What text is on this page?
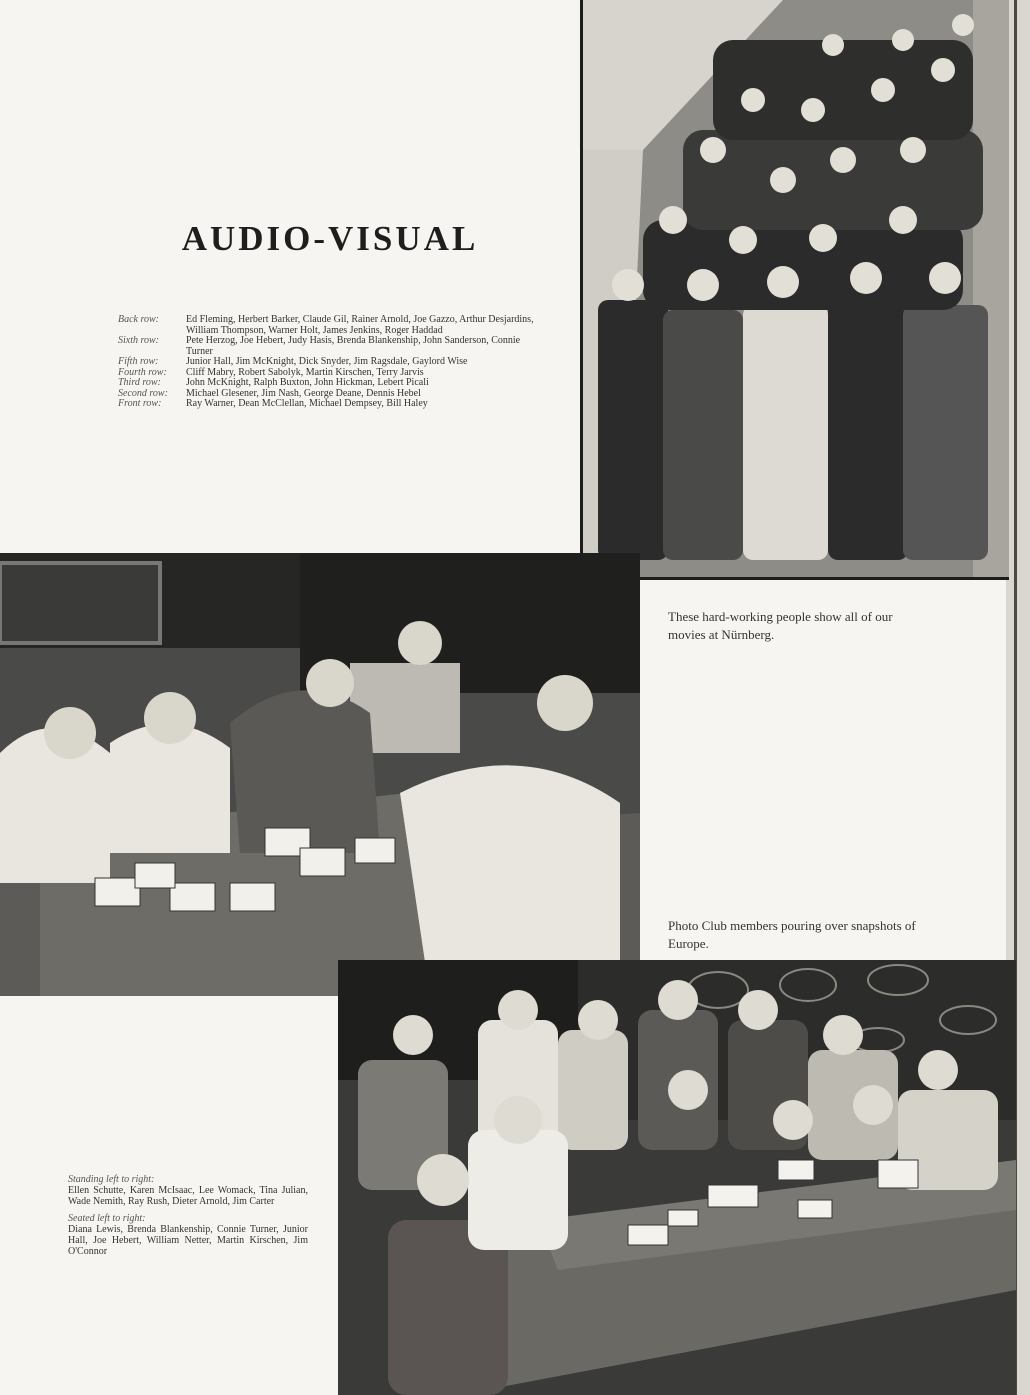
AUDIO-VISUAL
Back row:	Ed Fleming, Herbert Barker, Claude Gil, Rainer Arnold, Joe Gazzo, Arthur Desjardins, William Thompson, Warner Holt, James Jenkins, Roger Haddad
Sixth row:	Pete Herzog, Joe Hebert, Judy Hasis, Brenda Blankenship, John Sanderson, Connie Turner
Fifth row:	Junior Hall, Jim McKnight, Dick Snyder, Jim Ragsdale, Gaylord Wise
Fourth row:	Cliff Mabry, Robert Sabolyk, Martin Kirschen, Terry Jarvis
Third row:	John McKnight, Ralph Buxton, John Hickman, Lebert Picali
Second row:	Michael Glesener, Jim Nash, George Deane, Dennis Hebel
Front row:	Ray Warner, Dean McClellan, Michael Dempsey, Bill Haley

These hard-working people show all of our movies at Nürnberg.

Photo Club members pouring over snapshots of Europe.

Standing left to right:
Ellen Schutte, Karen McIsaac, Lee Womack, Tina Julian, Wade Nemith, Ray Rush, Dieter Arnold, Jim Carter
Seated left to right:
Diana Lewis, Brenda Blankenship, Connie Turner, Junior Hall, Joe Hebert, William Netter, Martin Kirschen, Jim O'Connor
